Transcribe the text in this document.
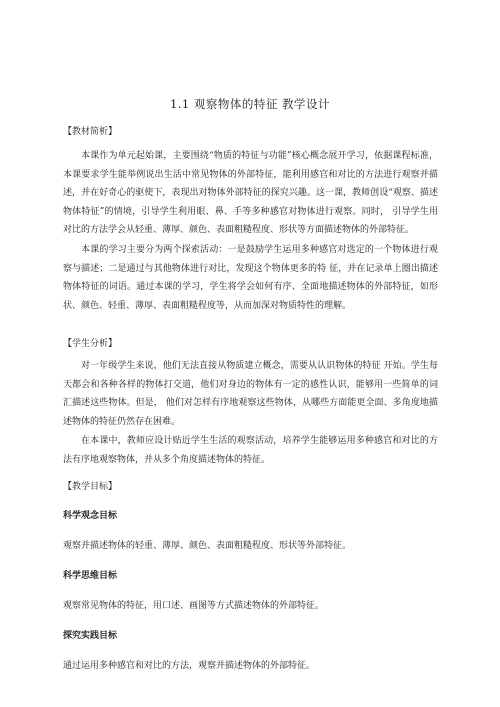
1.1 观察物体的特征 教学设计
【教材简析】

本课作为单元起始课，主要围绕“物质的特征与功能”核心概念展开学习，依据课程标准，本课要求学生能举例说出生活中常见物体的外部特征，能利用感官和对比的方法进行观察并描述，并在好奇心的驱使下，表现出对物体外部特征的探究兴趣。这一课，教师创设“观察、描述物体特征”的情境，引导学生利用眼、鼻、手等多种感官对物体进行观察。同时， 引导学生用对比的方法学会从轻重、薄厚、颜色、表面粗糙程度、形状等方面描述物体的外部特征。

本课的学习主要分为两个探索活动：一是鼓励学生运用多种感官对选定的一个物体进行观察与描述；二是通过与其他物体进行对比，发现这个物体更多的特 征，并在记录单上圈出描述物体特征的词语。通过本课的学习，学生将学会如何有序、全面地描述物体的外部特征，如形状、颜色、轻重、薄厚、表面粗糙程度等，从而加深对物质特性的理解。

【学生分析】

对一年级学生来说，他们无法直接从物质建立概念，需要从认识物体的特征 开始。学生每天都会和各种各样的物体打交道，他们对身边的物体有一定的感性认识，能够用一些简单的词汇描述这些物体。但是， 他们对怎样有序地观察这些物体，从哪些方面能更全面、多角度地描述物体的特征仍然存在困难。

在本课中，教师应设计贴近学生生活的观察活动，培养学生能够运用多种感官和对比的方法有序地观察物体，并从多个角度描述物体的特征。

【教学目标】
科学观念目标
观察并描述物体的轻重、薄厚、颜色、表面粗糙程度、形状等外部特征。
科学思维目标
观察常见物体的特征，用口述、画图等方式描述物体的外部特征。
探究实践目标
通过运用多种感官和对比的方法，观察并描述物体的外部特征。
